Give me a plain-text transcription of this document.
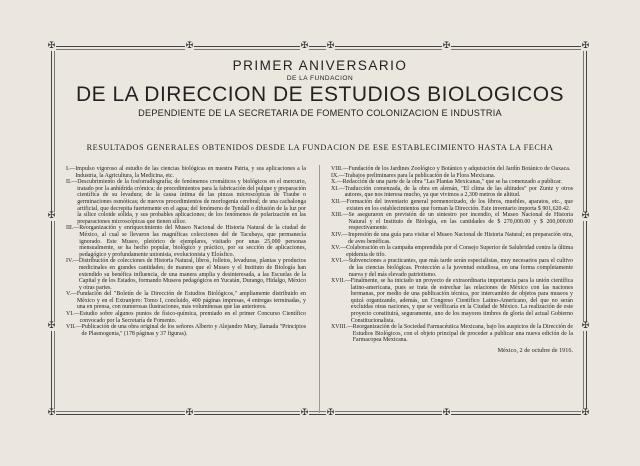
✠	✠
✠	✠
✠	✠ ✠	✠
✠	✠ ✠	✠
✠
✠
✠
✠
PRIMER ANIVERSARIO
DE LA FUNDACION
DE LA DIRECCION DE ESTUDIOS BIOLOGICOS
DEPENDIENTE DE LA SECRETARIA DE FOMENTO COLONIZACION E INDUSTRIA
RESULTADOS GENERALES OBTENIDOS DESDE LA FUNDACION DE ESE ESTABLECIMIENTO HASTA LA FECHA
I.— Impulso vigoroso al estudio de las ciencias biológicas en nuestra Patria, y sus aplicaciones a la Industria, la Agricultura, la Medicina, etc.
II.— Descubrimiento de la fosforradiografía; de fenómenos cromáticos y biológicos en el mercurio, tratado por la anhídrida crómica; de procedimientos para la fabricación del pulque y preparación científica de su levadura; de la causa íntima de las pinzas microscópicas de Traube o germinaciones osmóticas; de nuevos procedimientos de morfogenia cerebral; de una cachalonga artificial, que decrepita fuertemente en el agua; del fenómeno de Tyndall o difusión de la luz por la sílice coloide sólida, y sus probables aplicaciones; de los fenómenos de polarización en las preparaciones microscópicas que tienen sílice.
III.— Reorganización y enriquecimiento del Museo Nacional de Historia Natural de la ciudad de México, al cual se llevaron las magníficas colecciones del de Tacubaya, que permanecía ignorado. Este Museo, pletórico de ejemplares, visitado por unas 25,000 personas mensualmente, se ha hecho popular, biológico y práctico, por su sección de aplicaciones, pedagógico y profundamente unionista, evolucionista y Eloísfico.
IV.— Distribución de colecciones de Historia Natural, libros, folletos, levaduras, plantas y productos medicinales en grandes cantidades; de manera que el Museo y el Instituto de Biología han extendido su benéfica influencia, de una manera amplia y desinteresada, a las Escuelas de la Capital y de los Estados, formando Museos pedagógicos en Yucatán, Durango, Hidalgo, México y otras partes.
V.— Fundación del "Boletín de la Dirección de Estudios Biológicos," ampliamente distribuido en México y en el Extranjero: Tomo I, concluido, 400 páginas impresas, 4 entregas terminadas, y una en prensa, con numerosas ilustraciones, más voluminosas que las anteriores.
VI.— Estudio sobre algunos puntos de físico-química, premiado en el primer Concurso Científico convocado por la Secretaría de Fomento.
VII.— Publicación de una obra original de los señores Alberto y Alejandro Mary, llamada "Principios de Plasmogenia," (178 páginas y 37 figuras).
VIII.— Fundación de los Jardines Zoológico y Botánico y adquisición del Jardín Botánico de Oaxaca.
IX.— Trabajos preliminares para la publicación de la Flora Mexicana.
X.— Redacción de una parte de la obra "Las Plantas Mexicanas," que se ha comenzado a publicar.
XI.— Traducción comenzada, de la obra en alemán, "El clima de las altitudes" por Zuntz y otros autores, que nos interesa mucho, ya que vivimos a 2,300 metros de altitud.
XII.— Formación del inventario general pormenorizado, de los libros, muebles, aparatos, etc., que existen en los establecimientos que forman la Dirección. Este inventario importa $ 901,620.42.
XIII.— Se aseguraron en previsión de un siniestro por incendio, el Museo Nacional de Historia Natural y el Instituto de Biología, en las cantidades de $ 270,000.00 y $ 200,000.00 respectivamente.
XIV.— Impresión de una guía para visitar el Museo Nacional de Historia Natural; en preparación otra, de aves benéficas.
XV.— Colaboración en la campaña emprendida por el Consejo Superior de Salubridad contra la última epidemia de tifo.
XVI.— Subvenciones a practicantes, que más tarde serán especialistas, muy necesarios para el cultivo de las ciencias biológicas. Protección a la juventud estudiosa, en una forma completamente nueva y del más elevado patriotismo.
XVII.— Finalmente, se ha iniciado un proyecto de extraordinaria importancia para la unión científica latino-americana, pues se trata de estrechar las relaciones de México con las naciones hermanas, por medio de una publicación técnica, por intercambio de objetos para museos y quizá organizando, además, un Congreso Científico Latino-Americano, del que no serán excluidas otras naciones, y que se verificaría en la Ciudad de México. La realización de este proyecto constituirá, seguramente, uno de los mayores timbres de gloria del actual Gobierno Constitucionalista.
XVIII.— Reorganización de la Sociedad Farmacéutica Mexicana, bajo los auspicios de la Dirección de Estudios Biológicos, con el objeto principal de proceder a publicar una nueva edición de la Farmacopea Mexicana.
México, 2 de octubre de 1916.
